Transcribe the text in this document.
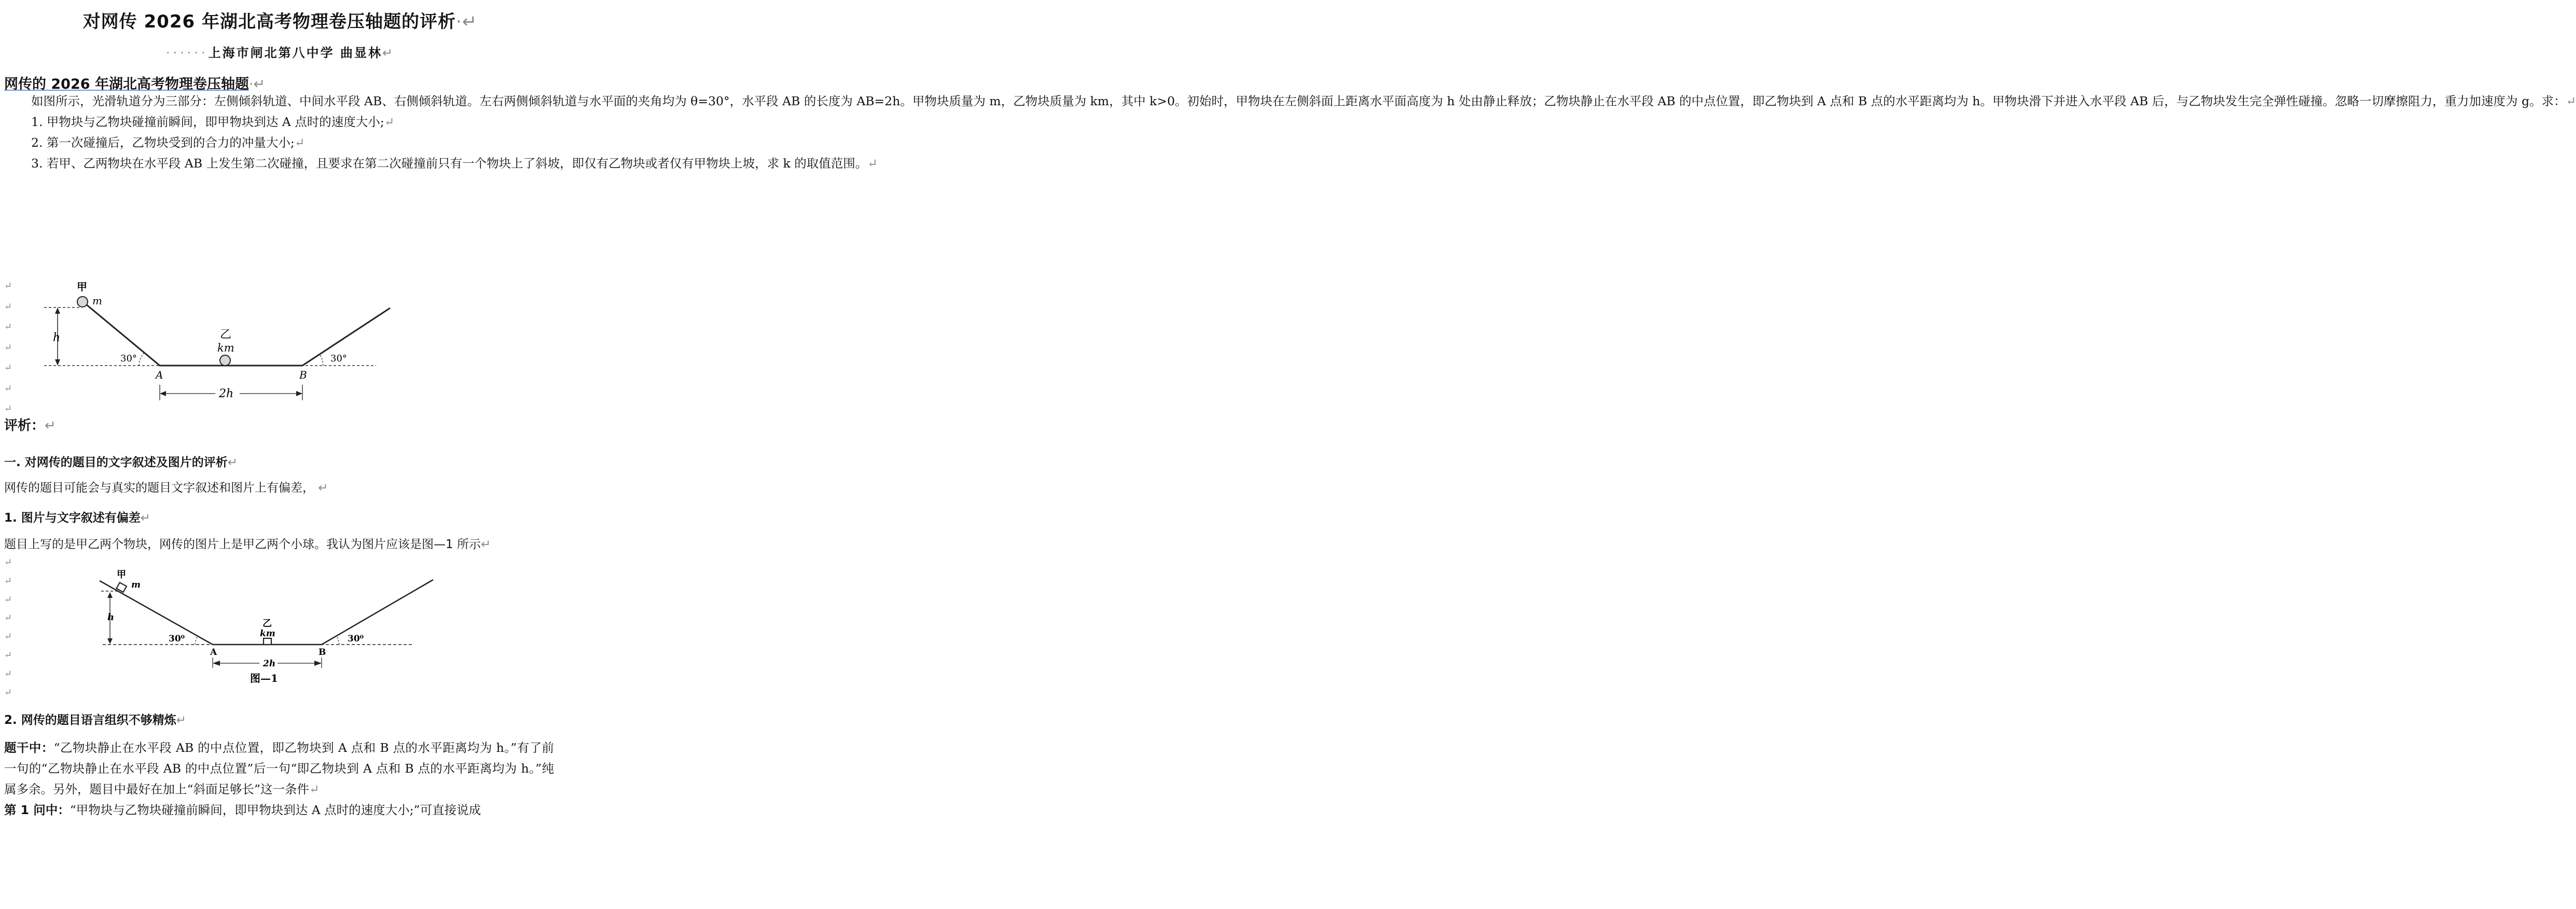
对网传 2026 年湖北高考物理卷压轴题的评析·↵
······上海市闸北第八中学 曲显林↵
网传的 2026 年湖北高考物理卷压轴题·↵

如图所示，光滑轨道分为三部分：左侧倾斜轨道、中间水平段 AB、右侧倾斜轨道。左右两侧倾斜轨道与水平面的夹角均为 θ=30°，水平段 AB 的长度为 AB=2h。甲物块质量为 m，乙物块质量为 km，其中 k>0。初始时，甲物块在左侧斜面上距离水平面高度为 h 处由静止释放；乙物块静止在水平段 AB 的中点位置，即乙物块到 A 点和 B 点的水平距离均为 h。甲物块滑下并进入水平段 AB 后，与乙物块发生完全弹性碰撞。忽略一切摩擦阻力，重力加速度为 g。求：↵

1. 甲物块与乙物块碰撞前瞬间，即甲物块到达 A 点时的速度大小;↵

2. 第一次碰撞后，乙物块受到的合力的冲量大小;↵

3. 若甲、乙两物块在水平段 AB 上发生第二次碰撞，且要求在第二次碰撞前只有一个物块上了斜坡，即仅有乙物块或者仅有甲物块上坡，求 k 的取值范围。↵

↵
↵
↵
↵
↵
↵
↵
甲
m
h
30°	30°
乙
km
A	B
2h
评析：↵
一. 对网传的题目的文字叙述及图片的评析↵
网传的题目可能会与真实的题目文字叙述和图片上有偏差， ↵
1. 图片与文字叙述有偏差↵
题目上写的是甲乙两个物块，网传的图片上是甲乙两个小球。我认为图片应该是图—1 所示↵
↵
↵
↵
↵
↵
↵
↵
↵
甲
m
h
30⁰	30⁰
乙
km
A	B
2h
图—1
2. 网传的题目语言组织不够精炼↵

题干中：“乙物块静止在水平段 AB 的中点位置，即乙物块到 A 点和 B 点的水平距离均为 h。”有了前一句的“乙物块静止在水平段 AB 的中点位置”后一句“即乙物块到 A 点和 B 点的水平距离均为 h。”纯属多余。另外，题目中最好在加上“斜面足够长”这一条件↵

第 1 问中：“甲物块与乙物块碰撞前瞬间，即甲物块到达 A 点时的速度大小;”可直接说成
